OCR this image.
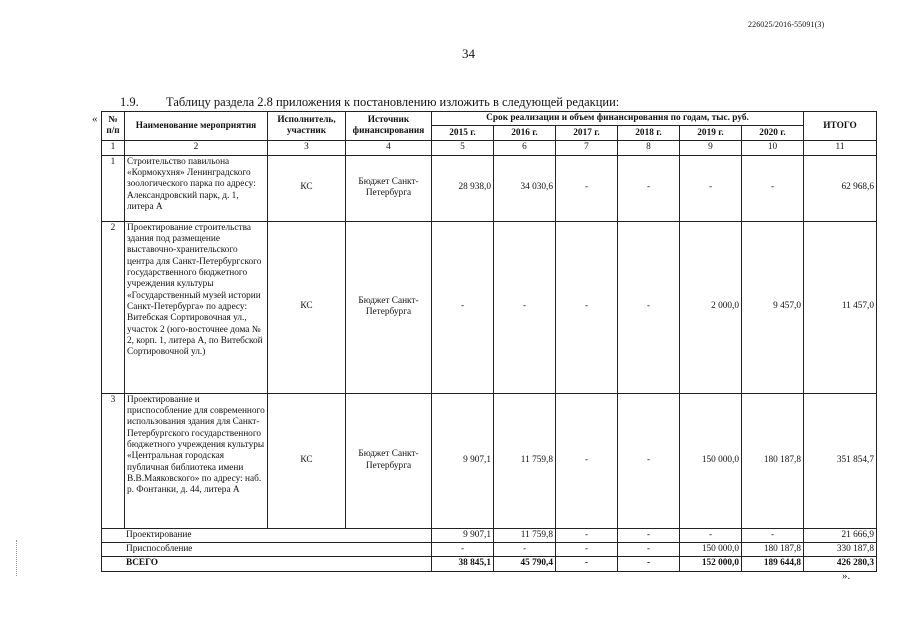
226025/2016-55091(3)
34
1.9. Таблицу раздела 2.8 приложения к постановлению изложить в следующей редакции:
« № п/п	Наименование мероприятия	Исполнитель, участник	Источник финансирования	Срок реализации и объем финансирования по годам, тыс. руб.						ИТОГО
				2015 г.	2016 г.	2017 г.	2018 г.	2019 г.	2020 г.	
1	2	3	4	5	6	7	8	9	10	11
1	Строительство павильона «Кормокухня» Ленинградского зоологического парка по адресу: Александровский парк, д. 1, литера А	КС	Бюджет Санкт-Петербурга	28 938,0	34 030,6	-	-	-	-	62 968,6
2	Проектирование строительства здания под размещение выставочно-хранительского центра для Санкт-Петербургского государственного бюджетного учреждения культуры «Государственный музей истории Санкт-Петербурга» по адресу: Витебская Сортировочная ул., участок 2 (юго-восточнее дома № 2, корп. 1, литера А, по Витебской Сортировочной ул.)	КС	Бюджет Санкт-Петербурга	-	-	-	-	2 000,0	9 457,0	11 457,0
3	Проектирование и приспособление для современного использования здания для Санкт-Петербургского государственного бюджетного учреждения культуры «Центральная городская публичная библиотека имени В.В.Маяковского» по адресу: наб. р. Фонтанки, д. 44, литера А	КС	Бюджет Санкт-Петербурга	9 907,1	11 759,8	-	-	150 000,0	180 187,8	351 854,7
Проектирование				9 907,1	11 759,8	-	-	-	-	21 666,9
Приспособление				-	-	-	-	150 000,0	180 187,8	330 187,8
ВСЕГО				38 845,1	45 790,4	-	-	152 000,0	189 644,8	426 280,3
».
